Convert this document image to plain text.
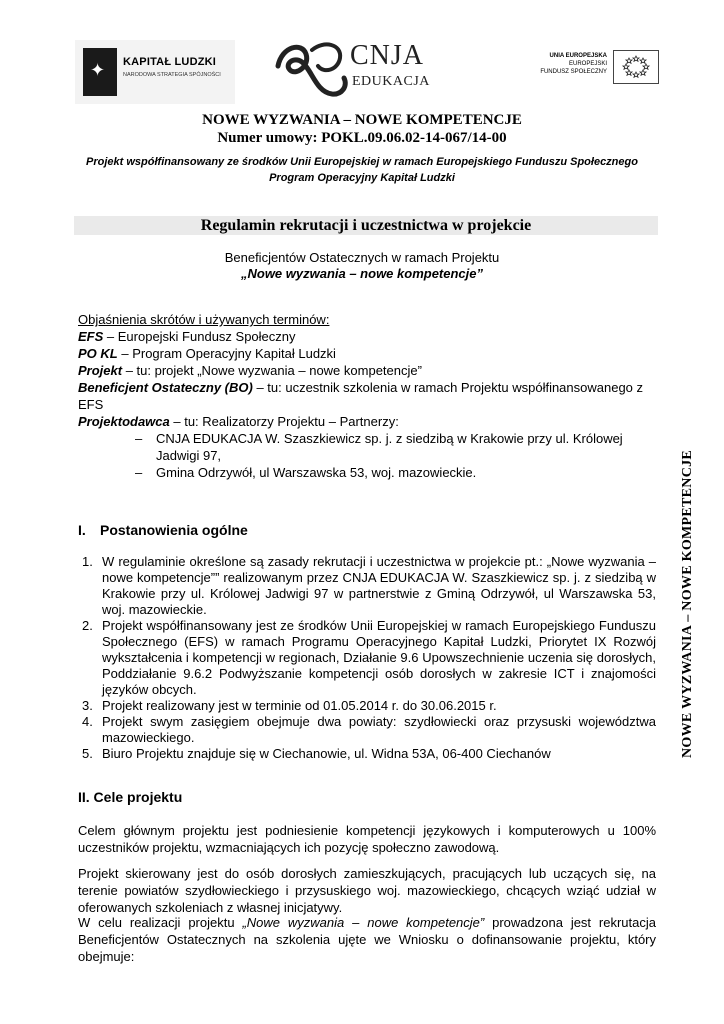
✦ KAPITAŁ LUDZKI
NARODOWA STRATEGIA SPÓJNOŚCI
CNJA
EDUKACJA
UNIA EUROPEJSKA
EUROPEJSKI
FUNDUSZ SPOŁECZNY
NOWE WYZWANIA – NOWE KOMPETENCJE
Numer umowy: POKL.09.06.02-14-067/14-00
Projekt współfinansowany ze środków Unii Europejskiej w ramach Europejskiego Funduszu Społecznego
Program Operacyjny Kapitał Ludzki
Regulamin rekrutacji i uczestnictwa w projekcie
Beneficjentów Ostatecznych w ramach Projektu
„Nowe wyzwania – nowe kompetencje”

Objaśnienia skrótów i używanych terminów:

EFS – Europejski Fundusz Społeczny

PO KL – Program Operacyjny Kapitał Ludzki

Projekt – tu: projekt „Nowe wyzwania – nowe kompetencje”

Beneficjent Ostateczny (BO) – tu: uczestnik szkolenia w ramach Projektu współfinansowanego z EFS

Projektodawca – tu: Realizatorzy Projektu – Partnerzy:

– CNJA EDUKACJA W. Szaszkiewicz sp. j. z siedzibą w Krakowie przy ul. Królowej Jadwigi 97,
– Gmina Odrzywół, ul Warszawska 53, woj. mazowieckie.
I. Postanowienia ogólne
1. W regulaminie określone są zasady rekrutacji i uczestnictwa w projekcie pt.: „Nowe wyzwania – nowe kompetencje”” realizowanym przez CNJA EDUKACJA W. Szaszkiewicz sp. j. z siedzibą w Krakowie przy ul. Królowej Jadwigi 97 w partnerstwie z Gminą Odrzywół, ul Warszawska 53, woj. mazowieckie.
2. Projekt współfinansowany jest ze środków Unii Europejskiej w ramach Europejskiego Funduszu Społecznego (EFS) w ramach Programu Operacyjnego Kapitał Ludzki, Priorytet IX Rozwój wykształcenia i kompetencji w regionach, Działanie 9.6 Upowszechnienie uczenia się dorosłych, Poddziałanie 9.6.2 Podwyższanie kompetencji osób dorosłych w zakresie ICT i znajomości języków obcych.
3. Projekt realizowany jest w terminie od 01.05.2014 r. do 30.06.2015 r.
4. Projekt swym zasięgiem obejmuje dwa powiaty: szydłowiecki oraz przysuski województwa mazowieckiego.
5. Biuro Projektu znajduje się w Ciechanowie, ul. Widna 53A, 06-400 Ciechanów
II. Cele projektu

Celem głównym projektu jest podniesienie kompetencji językowych i komputerowych u 100% uczestników projektu, wzmacniających ich pozycję społeczno zawodową.

Projekt skierowany jest do osób dorosłych zamieszkujących, pracujących lub uczących się, na terenie powiatów szydłowieckiego i przysuskiego woj. mazowieckiego, chcących wziąć udział w oferowanych szkoleniach z własnej inicjatywy.

W celu realizacji projektu „Nowe wyzwania – nowe kompetencje” prowadzona jest rekrutacja Beneficjentów Ostatecznych na szkolenia ujęte we Wniosku o dofinansowanie projektu, który obejmuje:

NOWE WYZWANIA – NOWE KOMPETENCJE
